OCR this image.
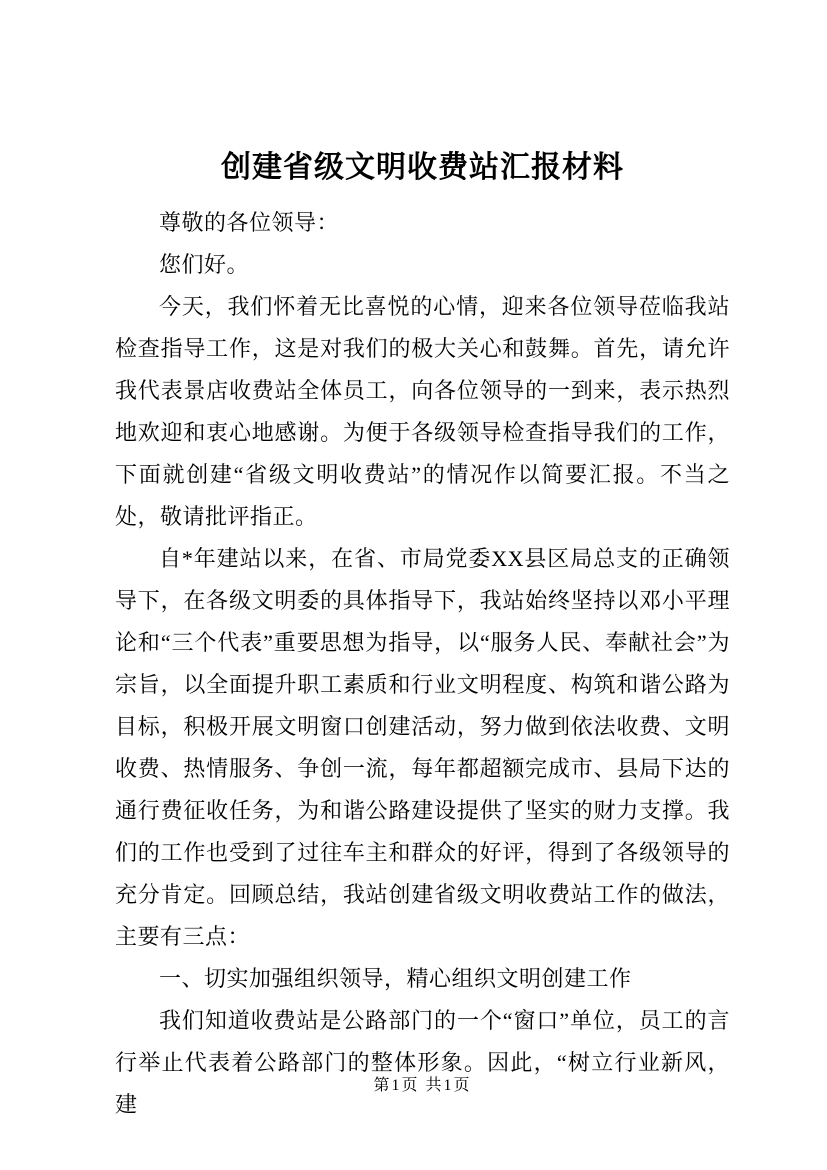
创建省级文明收费站汇报材料

尊敬的各位领导：

您们好。

今天，我们怀着无比喜悦的心情，迎来各位领导莅临我站检查指导工作，这是对我们的极大关心和鼓舞。首先，请允许我代表景店收费站全体员工，向各位领导的一到来，表示热烈地欢迎和衷心地感谢。为便于各级领导检查指导我们的工作，下面就创建“省级文明收费站”的情况作以简要汇报。不当之处，敬请批评指正。

自*年建站以来，在省、市局党委XX县区局总支的正确领导下，在各级文明委的具体指导下，我站始终坚持以邓小平理论和“三个代表”重要思想为指导，以“服务人民、奉献社会”为宗旨，以全面提升职工素质和行业文明程度、构筑和谐公路为目标，积极开展文明窗口创建活动，努力做到依法收费、文明收费、热情服务、争创一流，每年都超额完成市、县局下达的通行费征收任务，为和谐公路建设提供了坚实的财力支撑。我们的工作也受到了过往车主和群众的好评，得到了各级领导的充分肯定。回顾总结，我站创建省级文明收费站工作的做法，主要有三点：

一、切实加强组织领导，精心组织文明创建工作

我们知道收费站是公路部门的一个“窗口”单位，员工的言行举止代表着公路部门的整体形象。因此，“树立行业新风，建

第1页 共1页
